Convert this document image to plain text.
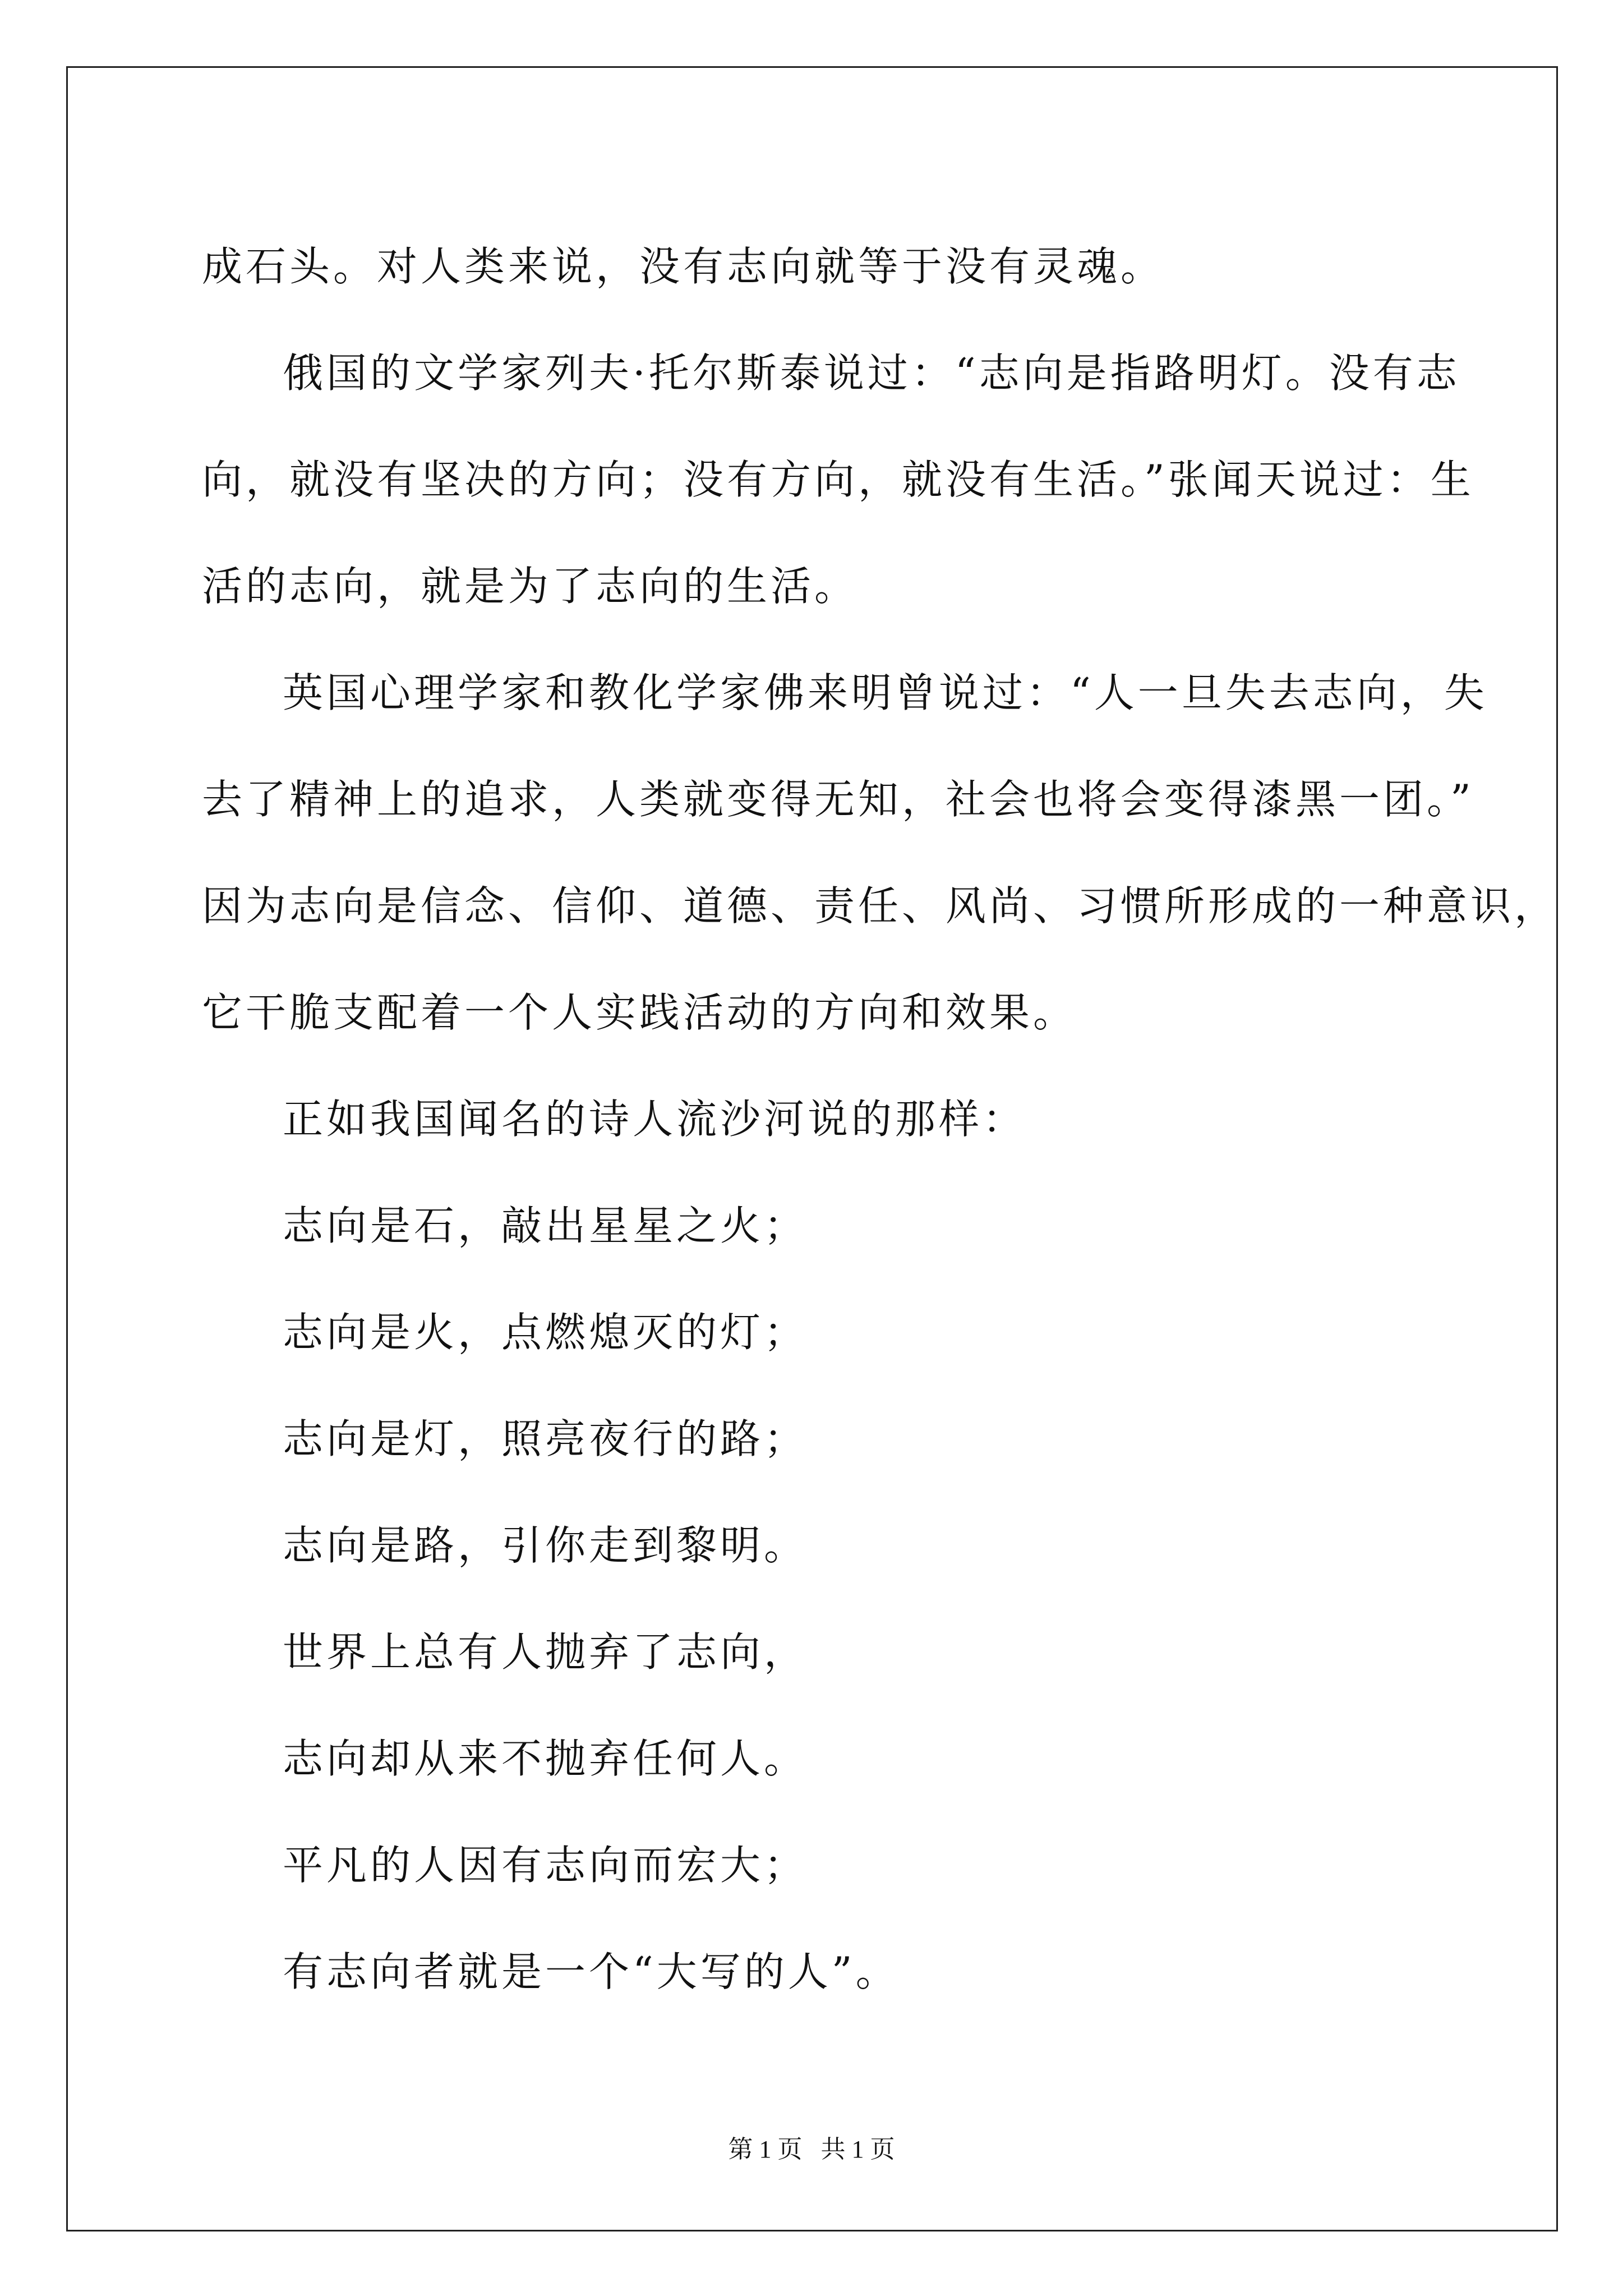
成石头。对人类来说，没有志向就等于没有灵魂。
俄国的文学家列夫·托尔斯泰说过：“志向是指路明灯。没有志
向，就没有坚决的方向；没有方向，就没有生活。”张闻天说过：生
活的志向，就是为了志向的生活。
英国心理学家和教化学家佛来明曾说过：“人一旦失去志向，失
去了精神上的追求，人类就变得无知，社会也将会变得漆黑一团。”
因为志向是信念、信仰、道德、责任、风尚、习惯所形成的一种意识，
它干脆支配着一个人实践活动的方向和效果。
正如我国闻名的诗人流沙河说的那样：
志向是石，敲出星星之火；
志向是火，点燃熄灭的灯；
志向是灯，照亮夜行的路；
志向是路，引你走到黎明。
世界上总有人抛弃了志向，
志向却从来不抛弃任何人。
平凡的人因有志向而宏大；
有志向者就是一个“大写的人”。
第 1 页   共 1 页
